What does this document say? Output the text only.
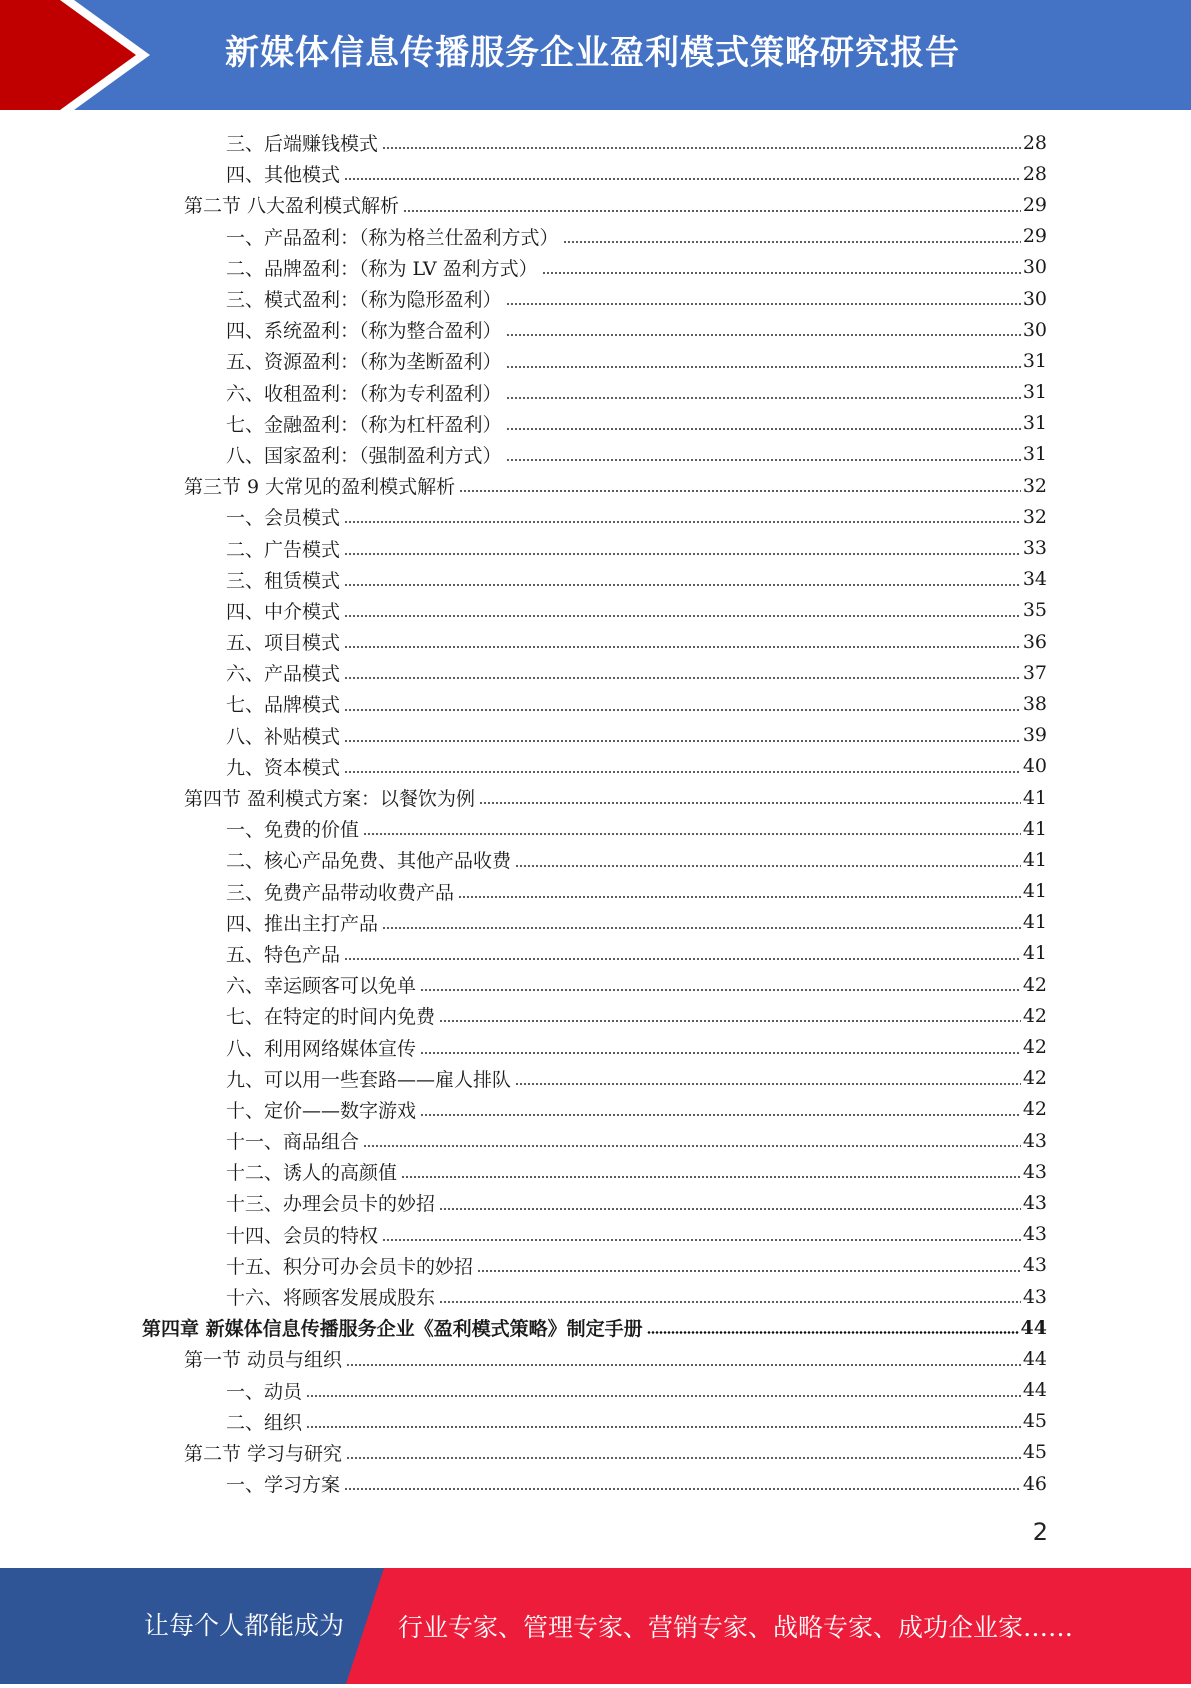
新媒体信息传播服务企业盈利模式策略研究报告
三、后端赚钱模式	28
四、其他模式	28
第二节 八大盈利模式解析	29
一、产品盈利：（称为格兰仕盈利方式）	29
二、品牌盈利：（称为 LV 盈利方式）	30
三、模式盈利：（称为隐形盈利）	30
四、系统盈利：（称为整合盈利）	30
五、资源盈利：（称为垄断盈利）	31
六、收租盈利：（称为专利盈利）	31
七、金融盈利：（称为杠杆盈利）	31
八、国家盈利：（强制盈利方式）	31
第三节 9 大常见的盈利模式解析	32
一、会员模式	32
二、广告模式	33
三、租赁模式	34
四、中介模式	35
五、项目模式	36
六、产品模式	37
七、品牌模式	38
八、补贴模式	39
九、资本模式	40
第四节 盈利模式方案：以餐饮为例	41
一、免费的价值	41
二、核心产品免费、其他产品收费	41
三、免费产品带动收费产品	41
四、推出主打产品	41
五、特色产品	41
六、幸运顾客可以免单	42
七、在特定的时间内免费	42
八、利用网络媒体宣传	42
九、可以用一些套路——雇人排队	42
十、定价——数字游戏	42
十一、商品组合	43
十二、诱人的高颜值	43
十三、办理会员卡的妙招	43
十四、会员的特权	43
十五、积分可办会员卡的妙招	43
十六、将顾客发展成股东	43
第四章 新媒体信息传播服务企业《盈利模式策略》制定手册	44
第一节 动员与组织	44
一、动员	44
二、组织	45
第二节 学习与研究	45
一、学习方案	46
2
让每个人都能成为 行业专家、管理专家、营销专家、战略专家、成功企业家……
